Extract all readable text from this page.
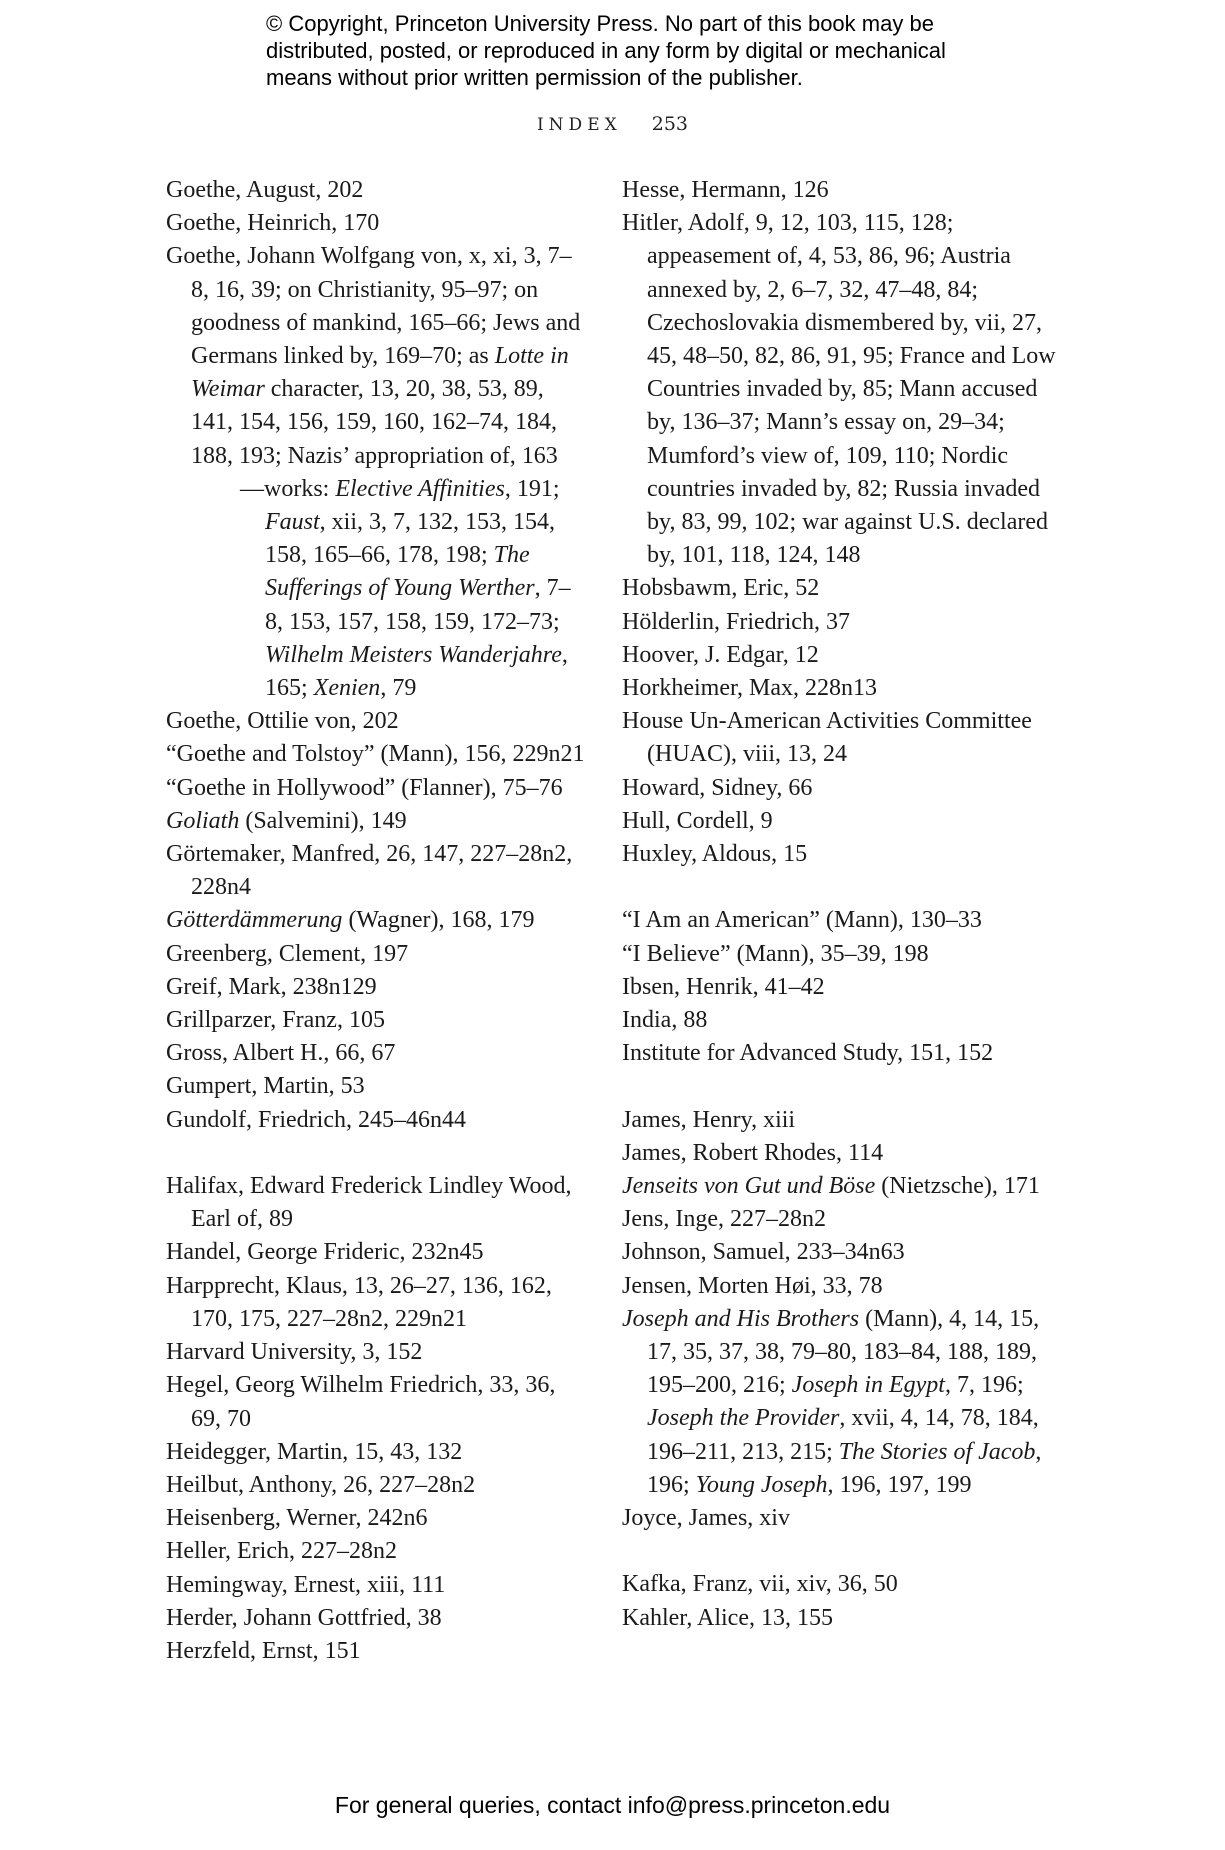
© Copyright, Princeton University Press. No part of this book may be
distributed, posted, or reproduced in any form by digital or mechanical
means without prior written permission of the publisher.
INDEX 253
Goethe, August, 202
Goethe, Heinrich, 170
Goethe, Johann Wolfgang von, x, xi, 3, 7–8, 16, 39; on Christianity, 95–97; on goodness of mankind, 165–66; Jews and Germans linked by, 169–70; as Lotte in Weimar character, 13, 20, 38, 53, 89, 141, 154, 156, 159, 160, 162–74, 184, 188, 193; Nazis’ appropriation of, 163
—works: Elective Affinities, 191; Faust, xii, 3, 7, 132, 153, 154, 158, 165–66, 178, 198; The Sufferings of Young Werther, 7–8, 153, 157, 158, 159, 172–73; Wilhelm Meisters Wanderjahre, 165; Xenien, 79
Goethe, Ottilie von, 202
“Goethe and Tolstoy” (Mann), 156, 229n21
“Goethe in Hollywood” (Flanner), 75–76
Goliath (Salvemini), 149
Görtemaker, Manfred, 26, 147, 227–28n2, 228n4
Götterdämmerung (Wagner), 168, 179
Greenberg, Clement, 197
Greif, Mark, 238n129
Grillparzer, Franz, 105
Gross, Albert H., 66, 67
Gumpert, Martin, 53
Gundolf, Friedrich, 245–46n44
Halifax, Edward Frederick Lindley Wood, Earl of, 89
Handel, George Frideric, 232n45
Harpprecht, Klaus, 13, 26–27, 136, 162, 170, 175, 227–28n2, 229n21
Harvard University, 3, 152
Hegel, Georg Wilhelm Friedrich, 33, 36, 69, 70
Heidegger, Martin, 15, 43, 132
Heilbut, Anthony, 26, 227–28n2
Heisenberg, Werner, 242n6
Heller, Erich, 227–28n2
Hemingway, Ernest, xiii, 111
Herder, Johann Gottfried, 38
Herzfeld, Ernst, 151
Hesse, Hermann, 126
Hitler, Adolf, 9, 12, 103, 115, 128; appeasement of, 4, 53, 86, 96; Austria annexed by, 2, 6–7, 32, 47–48, 84; Czechoslovakia dismembered by, vii, 27, 45, 48–50, 82, 86, 91, 95; France and Low Countries invaded by, 85; Mann accused by, 136–37; Mann’s essay on, 29–34; Mumford’s view of, 109, 110; Nordic countries invaded by, 82; Russia invaded by, 83, 99, 102; war against U.S. declared by, 101, 118, 124, 148
Hobsbawm, Eric, 52
Hölderlin, Friedrich, 37
Hoover, J. Edgar, 12
Horkheimer, Max, 228n13
House Un-American Activities Committee (HUAC), viii, 13, 24
Howard, Sidney, 66
Hull, Cordell, 9
Huxley, Aldous, 15
“I Am an American” (Mann), 130–33
“I Believe” (Mann), 35–39, 198
Ibsen, Henrik, 41–42
India, 88
Institute for Advanced Study, 151, 152
James, Henry, xiii
James, Robert Rhodes, 114
Jenseits von Gut und Böse (Nietzsche), 171
Jens, Inge, 227–28n2
Johnson, Samuel, 233–34n63
Jensen, Morten Høi, 33, 78
Joseph and His Brothers (Mann), 4, 14, 15, 17, 35, 37, 38, 79–80, 183–84, 188, 189, 195–200, 216; Joseph in Egypt, 7, 196; Joseph the Provider, xvii, 4, 14, 78, 184, 196–211, 213, 215; The Stories of Jacob, 196; Young Joseph, 196, 197, 199
Joyce, James, xiv
Kafka, Franz, vii, xiv, 36, 50
Kahler, Alice, 13, 155
For general queries, contact info@press.princeton.edu
